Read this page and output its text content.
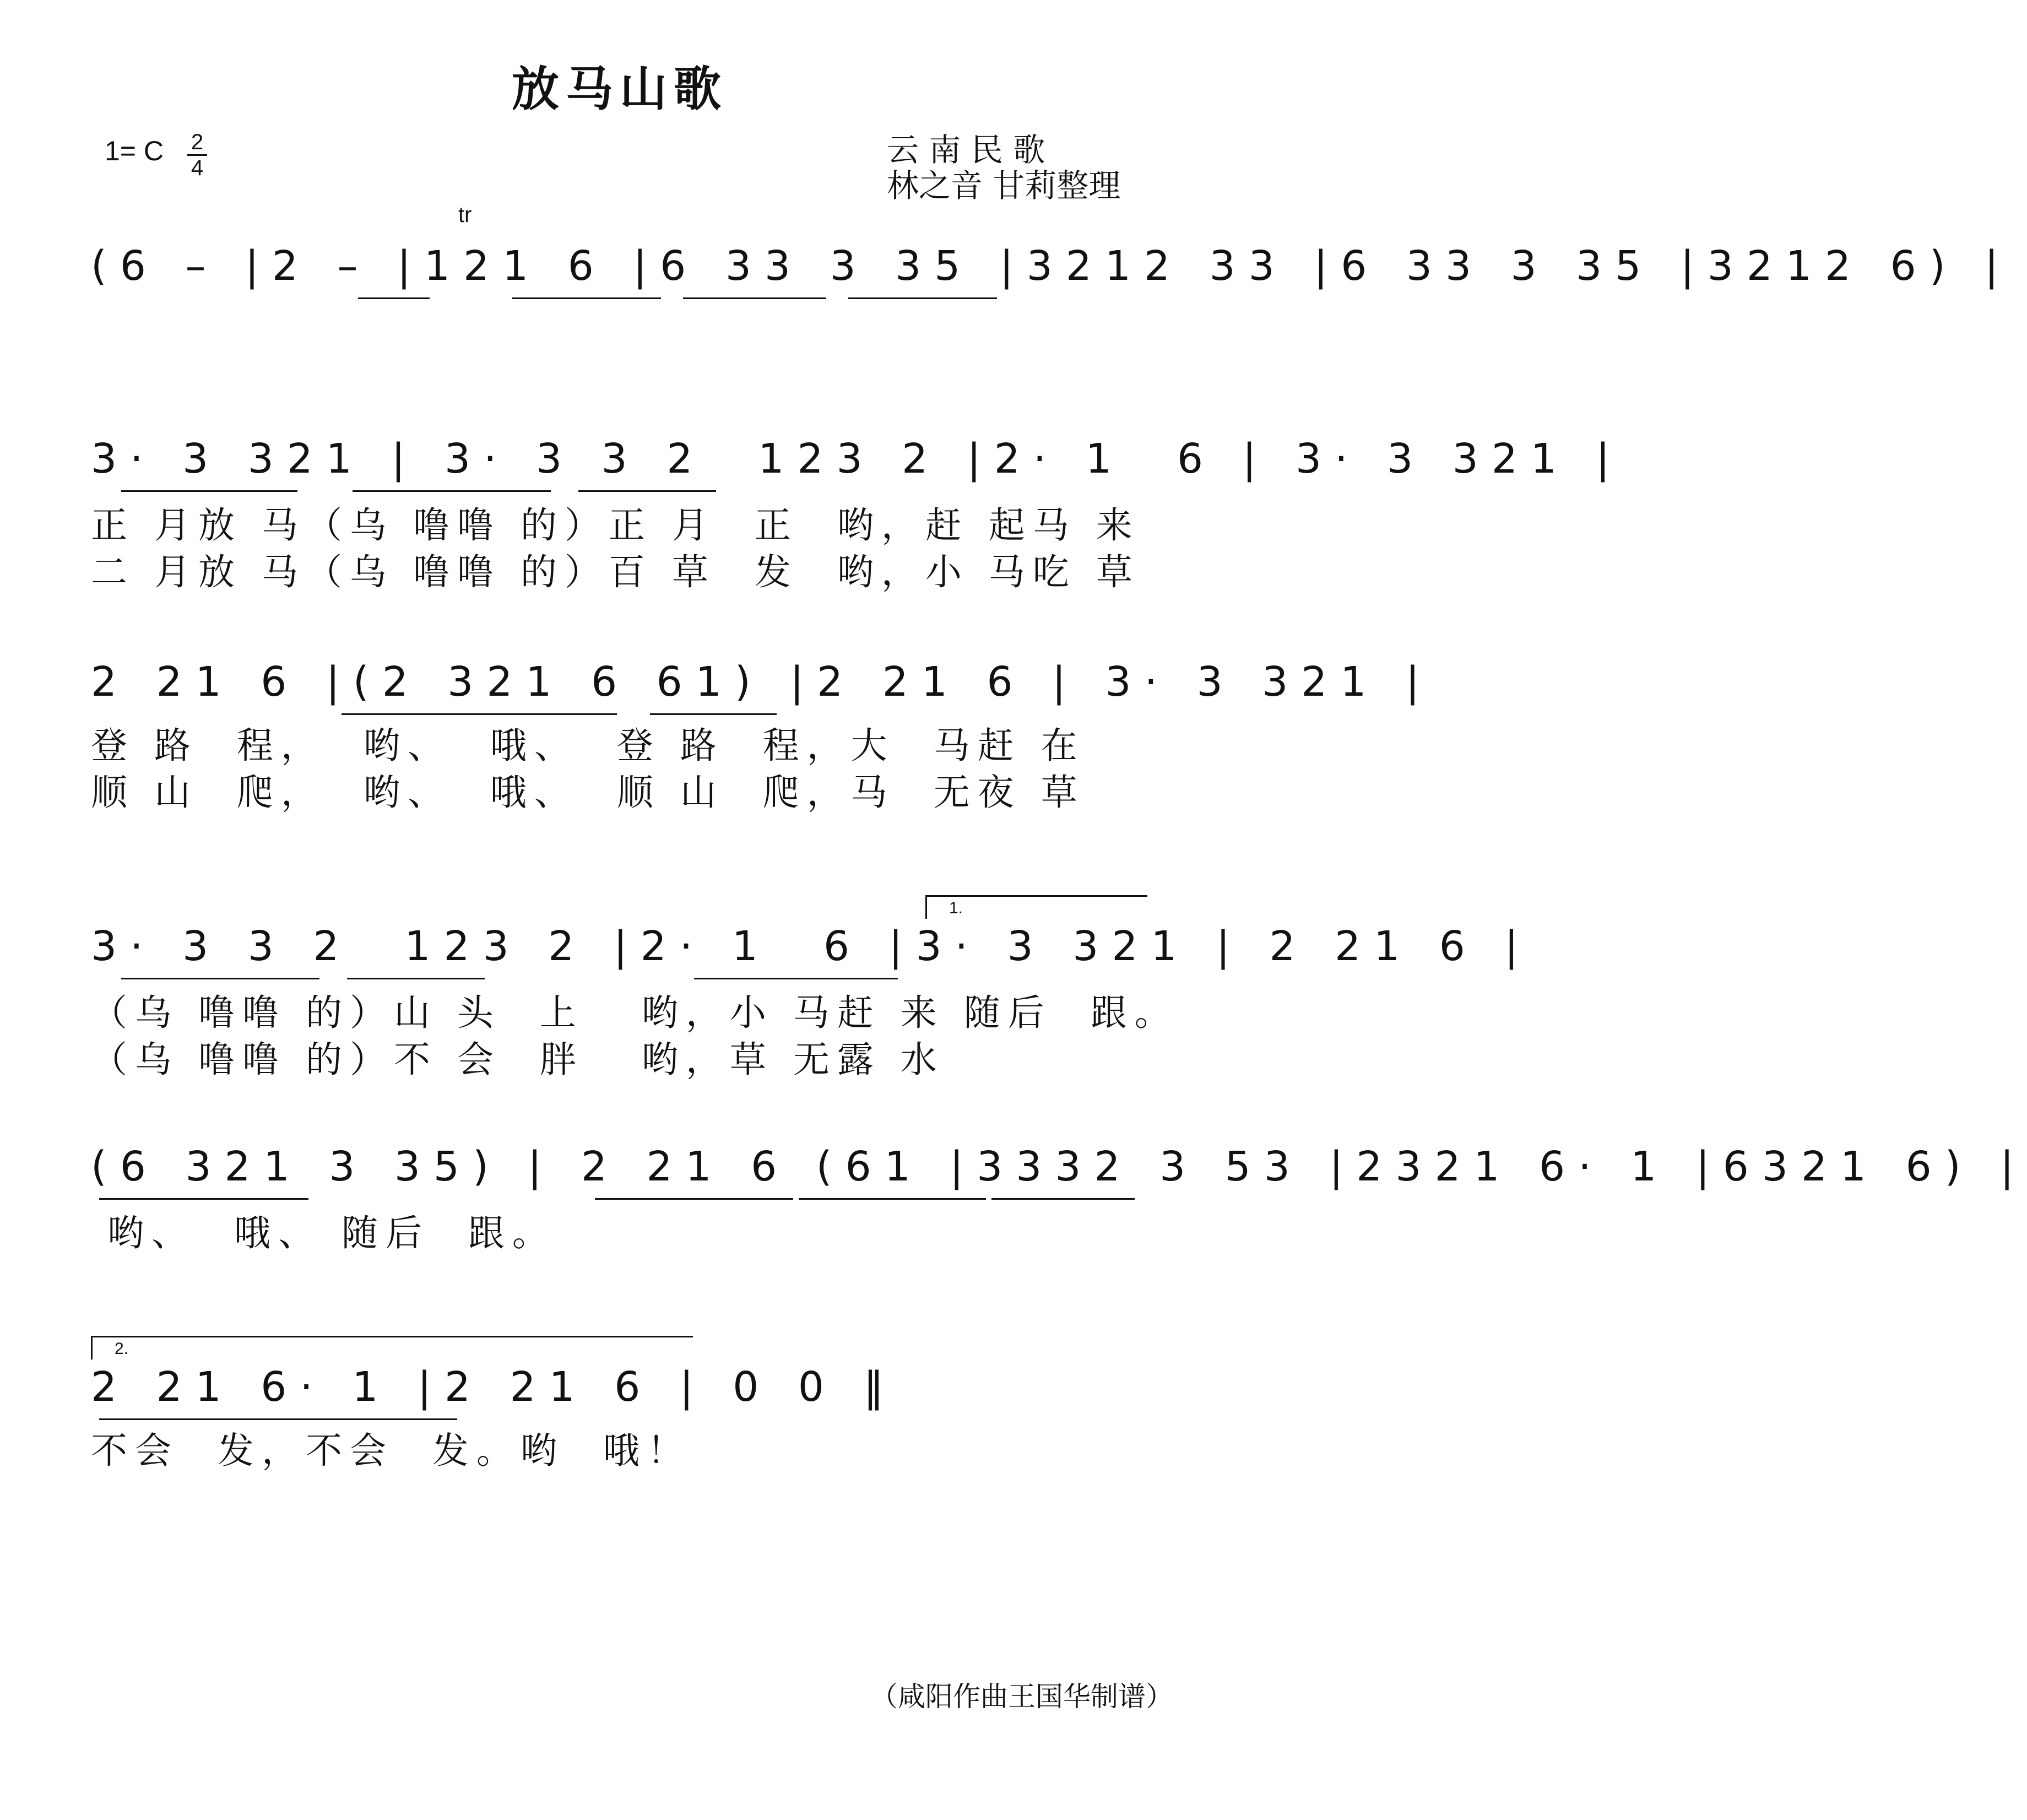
放马山歌
1= C 2
4	云 南 民 歌
林之音 甘莉整理
tr
(6 – |2 – |121 6 |6 33 3 35 |3212 33 |6 33 3 35 |3212 6) |
3· 3 321 | 3· 3 3 2  123 2 |2· 1  6 | 3· 3 321 |
正 月放 马（乌 噜噜 的）正 月  正  哟，赶 起马 来
二 月放 马（乌 噜噜 的）百 草  发  哟，小 马吃 草
2 21 6 |(2 321 6 61) |2 21 6 | 3· 3 321 |
登 路  程，  哟、  哦、  登 路  程，大  马赶 在
顺 山  爬，  哟、  哦、  顺 山  爬，马  无夜 草
1.
3· 3 3 2  123 2 |2· 1  6 |3· 3 321 | 2 21 6 |
（乌 噜噜 的）山 头  上   哟，小 马赶 来 随后  跟。
（乌 噜噜 的）不 会  胖   哟，草 无露 水
(6 321 3 35) | 2 21 6 (61 |3332 3 53 |2321 6· 1 |6321 6) |
哟、  哦、 随后  跟。
2.
2 21 6· 1 |2 21 6 | 0 0 ‖
不会  发，不会  发。哟  哦！
（咸阳作曲王国华制谱）
